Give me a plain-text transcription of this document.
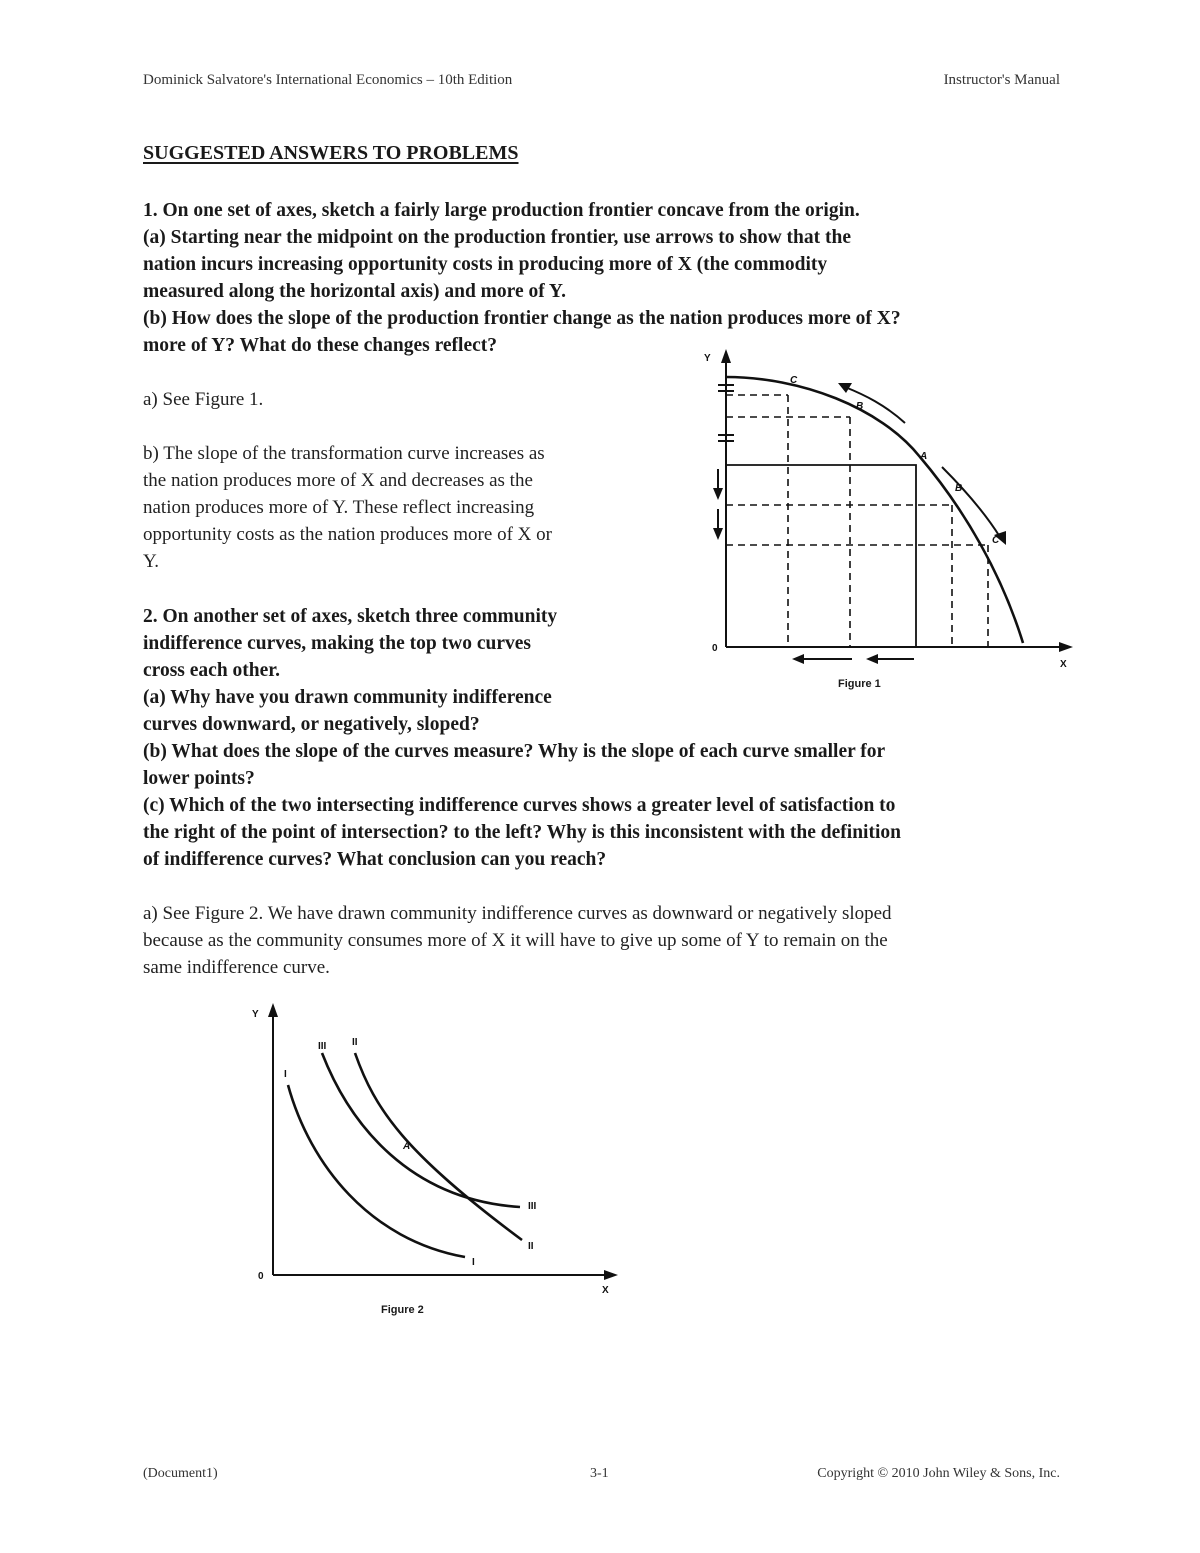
Dominick Salvatore's International Economics – 10th Edition	Instructor's Manual
SUGGESTED ANSWERS TO PROBLEMS
1. On one set of axes, sketch a fairly large production frontier concave from the origin.
(a) Starting near the midpoint on the production frontier, use arrows to show that the
nation incurs increasing opportunity costs in producing more of X (the commodity
measured along the horizontal axis) and more of Y.
(b) How does the slope of the production frontier change as the nation produces more of X?
more of Y? What do these changes reflect?
a) See Figure 1.
b) The slope of the transformation curve increases as
the nation produces more of X and decreases as the
nation produces more of Y. These reflect increasing
opportunity costs as the nation produces more of X or
Y.
2. On another set of axes, sketch three community
indifference curves, making the top two curves
cross each other.
(a) Why have you drawn community indifference
curves downward, or negatively, sloped?
(b) What does the slope of the curves measure? Why is the slope of each curve smaller for
lower points?
(c) Which of the two intersecting indifference curves shows a greater level of satisfaction to
the right of the point of intersection? to the left? Why is this inconsistent with the definition
of indifference curves? What conclusion can you reach?
a) See Figure 2. We have drawn community indifference curves as downward or negatively sloped
because as the community consumes more of X it will have to give up some of Y to remain on the
same indifference curve.
Y
X
0
C
B
A
B
C
Figure 1
Y
X
0
I
III	II
A
III
II
I
Figure 2
(Document1)	3-1	Copyright © 2010 John Wiley & Sons, Inc.
